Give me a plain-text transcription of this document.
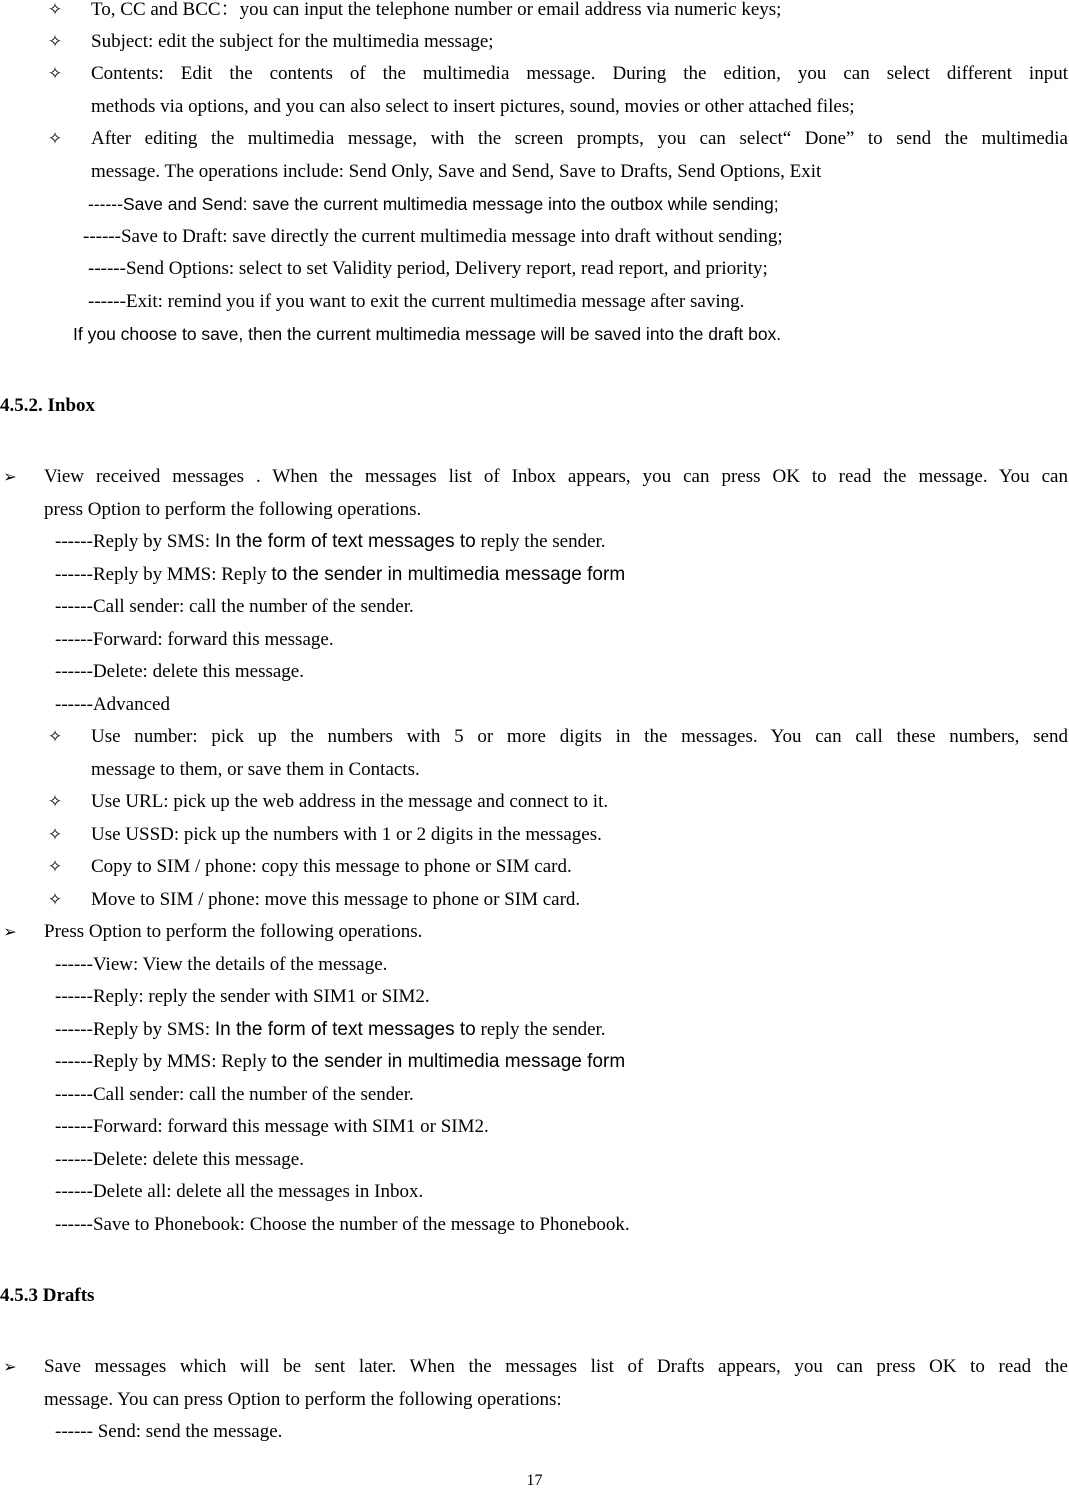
✧ To, CC and BCC：you can input the telephone number or email address via numeric keys;
✧ Subject: edit the subject for the multimedia message;
✧ Contents: Edit the contents of the multimedia message. During the edition, you can select different input
methods via options, and you can also select to insert pictures, sound, movies or other attached files;
✧ After editing the multimedia message, with the screen prompts, you can select“ Done” to send the multimedia
message. The operations include: Send Only, Save and Send, Save to Drafts, Send Options, Exit
------Save and Send: save the current multimedia message into the outbox while sending;
------Save to Draft: save directly the current multimedia message into draft without sending;
------Send Options: select to set Validity period, Delivery report, read report, and priority;
------Exit: remind you if you want to exit the current multimedia message after saving.
If you choose to save, then the current multimedia message will be saved into the draft box.
4.5.2. Inbox
➢ View received messages . When the messages list of Inbox appears, you can press OK to read the message. You can
press Option to perform the following operations.
------Reply by SMS: In the form of text messages to reply the sender.
------Reply by MMS: Reply to the sender in multimedia message form
------Call sender: call the number of the sender.
------Forward: forward this message.
------Delete: delete this message.
------Advanced
✧ Use number: pick up the numbers with 5 or more digits in the messages. You can call these numbers, send
message to them, or save them in Contacts.
✧ Use URL: pick up the web address in the message and connect to it.
✧ Use USSD: pick up the numbers with 1 or 2 digits in the messages.
✧ Copy to SIM / phone: copy this message to phone or SIM card.
✧ Move to SIM / phone: move this message to phone or SIM card.
➢ Press Option to perform the following operations.
------View: View the details of the message.
------Reply: reply the sender with SIM1 or SIM2.
------Reply by SMS: In the form of text messages to reply the sender.
------Reply by MMS: Reply to the sender in multimedia message form
------Call sender: call the number of the sender.
------Forward: forward this message with SIM1 or SIM2.
------Delete: delete this message.
------Delete all: delete all the messages in Inbox.
------Save to Phonebook: Choose the number of the message to Phonebook.
4.5.3 Drafts
➢ Save messages which will be sent later. When the messages list of Drafts appears, you can press OK to read the
message. You can press Option to perform the following operations:
------ Send: send the message.
17
